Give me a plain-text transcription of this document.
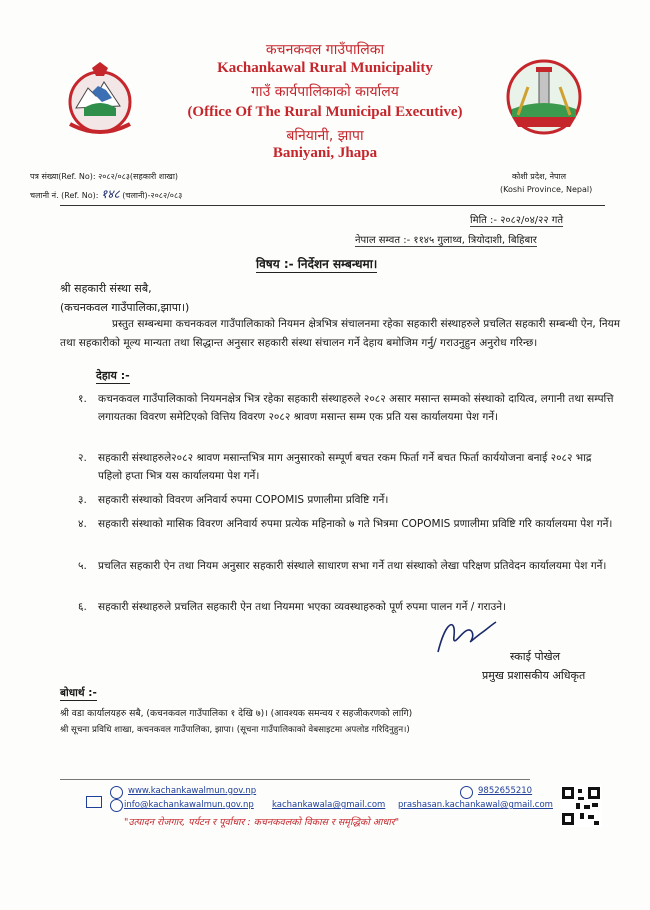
कचनकवल गाउँपालिका
Kachankawal Rural Municipality
गाउँ कार्यपालिकाको कार्यालय
(Office Of The Rural Municipal Executive)
बनियानी, झापा
Baniyani, Jhapa
पत्र संख्या(Ref. No): २०८२/०८३(सहकारी शाखा)
चलानी नं. (Ref. No): १४८ (चलानी)-२०८२/०८३
कोशी प्रदेश, नेपाल
(Koshi Province, Nepal)
मिति :- २०८२/०४/२२ गते
नेपाल सम्वत :- ११४५ गुलाथ्व, त्रियोदाशी, बिहिबार
विषय :- निर्देशन सम्बन्धमा।
श्री सहकारी संस्था सबै,
(कचनकवल गाउँपालिका,झापा।)
प्रस्तुत सम्बन्धमा कचनकवल गाउँपालिकाको नियमन क्षेत्रभित्र संचालनमा रहेका सहकारी संस्थाहरुले प्रचलित सहकारी सम्बन्धी ऐन, नियम तथा सहकारीको मूल्य मान्यता तथा सिद्धान्त अनुसार सहकारी संस्था संचालन गर्ने देहाय बमोजिम गर्नु/ गराउनुहुन अनुरोध गरिन्छ।
देहाय :-
१.	कचनकवल गाउँपालिकाको नियमनक्षेत्र भित्र रहेका सहकारी संस्थाहरुले २०८२ असार मसान्त सम्मको संस्थाको दायित्व, लगानी तथा सम्पत्ति लगायतका विवरण समेटिएको वित्तिय विवरण २०८२ श्रावण मसान्त सम्म एक प्रति यस कार्यालयमा पेश गर्ने।
२.	सहकारी संस्थाहरुले२०८२ श्रावण मसान्तभित्र माग अनुसारको सम्पूर्ण बचत रकम फिर्ता गर्ने बचत फिर्ता कार्ययोजना बनाई २०८२ भाद्र पहिलो हप्ता भित्र यस कार्यालयमा पेश गर्ने।
३.	सहकारी संस्थाको विवरण अनिवार्य रुपमा COPOMIS प्रणालीमा प्रविष्टि गर्ने।
४.	सहकारी संस्थाको मासिक विवरण अनिवार्य रुपमा प्रत्येक महिनाको ७ गते भित्रमा COPOMIS प्रणालीमा प्रविष्टि गरि कार्यालयमा पेश गर्ने।
५.	प्रचलित सहकारी ऐन तथा नियम अनुसार सहकारी संस्थाले साधारण सभा गर्ने तथा संस्थाको लेखा परिक्षण प्रतिवेदन कार्यालयमा पेश गर्ने।
६.	सहकारी संस्थाहरुले प्रचलित सहकारी ऐन तथा नियममा भएका व्यवस्थाहरुको पूर्ण रुपमा पालन गर्ने / गराउने।
स्काई पोखेल
प्रमुख प्रशासकीय अधिकृत
बोधार्थ :-
श्री वडा कार्यालयहरु सबै, (कचनकवल गाउँपालिका १ देखि ७)। (आवश्यक समन्वय र सहजीकरणको लागि)
श्री सूचना प्रविधि शाखा, कचनकवल गाउँपालिका, झापा। (सूचना गाउँपालिकाको वेबसाइटमा अपलोड गरिदिनुहुन।)
www.kachankawalmun.gov.np	9852655210
info@kachankawalmun.gov.np kachankawala@gmail.com prashasan.kachankawal@gmail.com
"उत्पादन रोजगार, पर्यटन र पूर्वाधार : कचनकवलको विकास र समृद्धिको आधार"
